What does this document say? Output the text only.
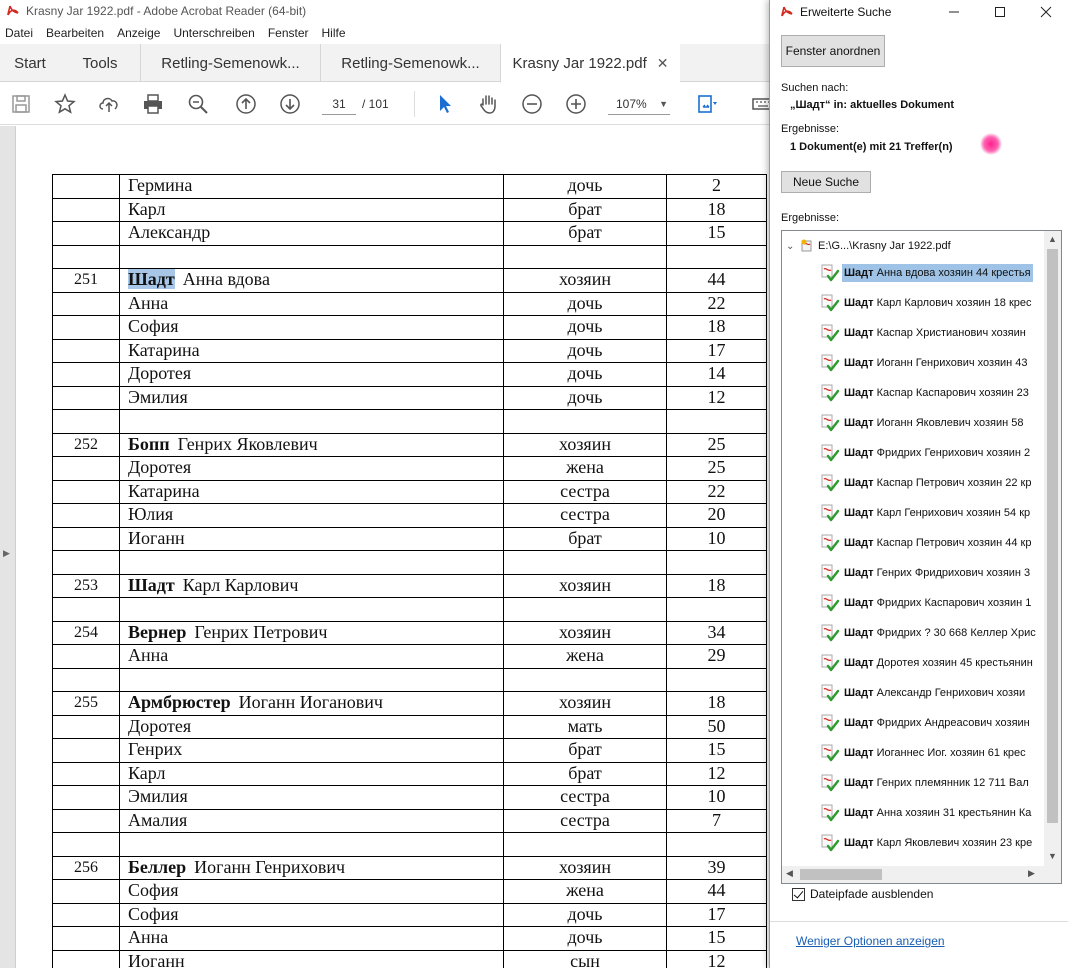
Krasny Jar 1922.pdf - Adobe Acrobat Reader (64-bit)
Datei Bearbeiten Anzeige Unterschreiben Fenster Hilfe
Start Tools	Retling-Semenowk...	Retling-Semenowk... Krasny Jar 1922.pdf ✕
31	/ 101	107% ▼
▶
	Гермина	дочь	2
	Карл	брат	18
	Александр	брат	15

251	Шадт Анна вдова	хозяин	44
	Анна	дочь	22
	София	дочь	18
	Катарина	дочь	17
	Доротея	дочь	14
	Эмилия	дочь	12

252	Бопп Генрих Яковлевич	хозяин	25
	Доротея	жена	25
	Катарина	сестра	22
	Юлия	сестра	20
	Иоганн	брат	10

253	Шадт Карл Карлович	хозяин	18

254	Вернер Генрих Петрович	хозяин	34
	Анна	жена	29

255	Армбрюстер Иоганн Иоганович	хозяин	18
	Доротея	мать	50
	Генрих	брат	15
	Карл	брат	12
	Эмилия	сестра	10
	Амалия	сестра	7

256	Беллер Иоганн Генрихович	хозяин	39
	София	жена	44
	София	дочь	17
	Анна	дочь	15
	Иоганн	сын	12
Erweiterte Suche
Fenster anordnen
Suchen nach:
„Шадт“ in: aktuelles Dokument
Ergebnisse:
1 Dokument(e) mit 21 Treffer(n)
Neue Suche
Ergebnisse:
⌄	E:\G...\Krasny Jar 1922.pdf
Шадт Анна вдова хозяин 44 крестья
Шадт Карл Карлович хозяин 18 крес
Шадт Каспар Христианович хозяин
Шадт Иоганн Генрихович хозяин 43
Шадт Каспар Каспарович хозяин 23
Шадт Иоганн Яковлевич хозяин 58
Шадт Фридрих Генрихович хозяин 2
Шадт Каспар Петрович хозяин 22 кр
Шадт Карл Генрихович хозяин 54 кр
Шадт Каспар Петрович хозяин 44 кр
Шадт Генрих Фридрихович хозяин 3
Шадт Фридрих Каспарович хозяин 1
Шадт Фридрих ? 30 668 Келлер Хрис
Шадт Доротея хозяин 45 крестьянин
Шадт Александр Генрихович хозяи
Шадт Фридрих Андреасович хозяин
Шадт Иоганнес Иог. хозяин 61 крес
Шадт Генрих племянник 12 711 Вал
Шадт Анна хозяин 31 крестьянин Ка
Шадт Карл Яковлевич хозяин 23 кре
▲
▼
◀	▶
Dateipfade ausblenden
Weniger Optionen anzeigen
